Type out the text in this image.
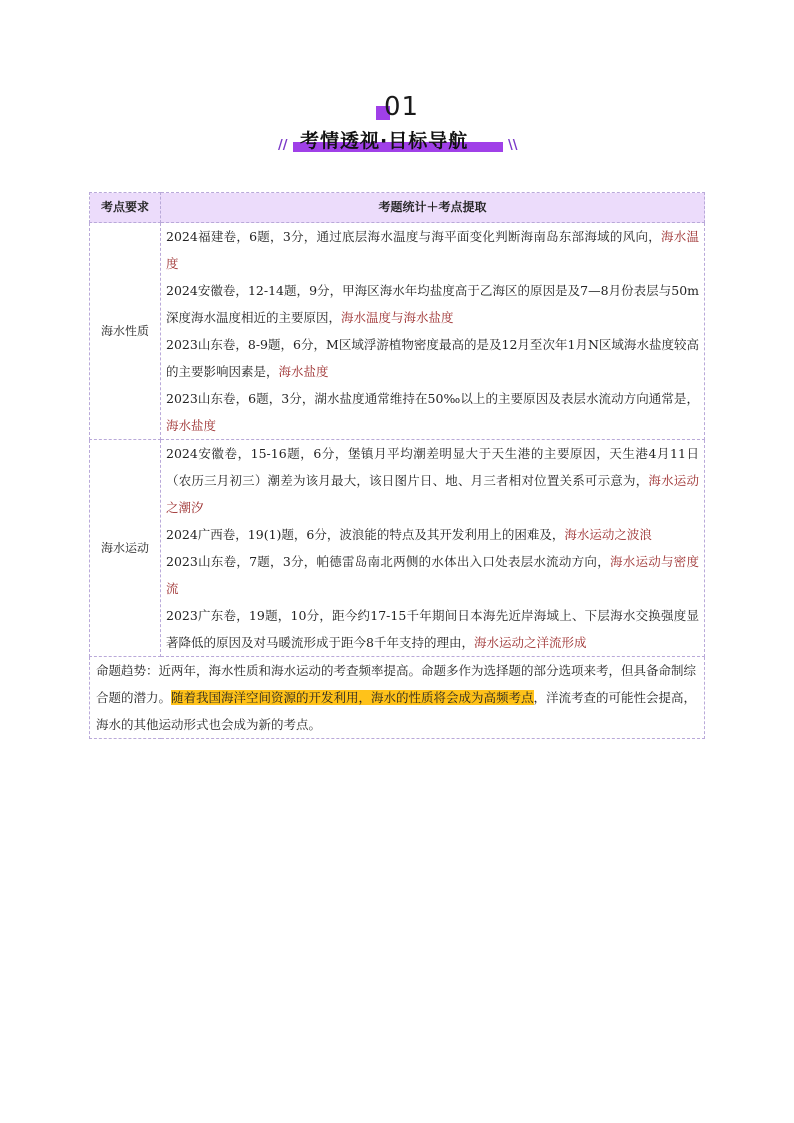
01
// 考情透视·目标导航	\\
考点要求	考题统计＋考点提取
海水性质	2024福建卷，6题，3分，通过底层海水温度与海平面变化判断海南岛东部海域的风向，海水温度
2024安徽卷，12-14题，9分，甲海区海水年均盐度高于乙海区的原因是及7—8月份表层与50m深度海水温度相近的主要原因，海水温度与海水盐度
2023山东卷，8-9题，6分，M区域浮游植物密度最高的是及12月至次年1月N区域海水盐度较高的主要影响因素是，海水盐度
2023山东卷，6题，3分，湖水盐度通常维持在50‰以上的主要原因及表层水流动方向通常是，海水盐度

海水运动	2024安徽卷，15-16题，6分，堡镇月平均潮差明显大于天生港的主要原因，天生港4月11日（农历三月初三）潮差为该月最大，该日图片日、地、月三者相对位置关系可示意为，海水运动之潮汐
2024广西卷，19(1)题，6分，波浪能的特点及其开发利用上的困难及，海水运动之波浪
2023山东卷，7题，3分，帕德雷岛南北两侧的水体出入口处表层水流动方向，海水运动与密度流
2023广东卷，19题，10分，距今约17-15千年期间日本海先近岸海域上、下层海水交换强度显著降低的原因及对马暖流形成于距今8千年支持的理由，海水运动之洋流形成

命题趋势：近两年，海水性质和海水运动的考查频率提高。命题多作为选择题的部分选项来考，但具备命制综合题的潜力。随着我国海洋空间资源的开发利用，海水的性质将会成为高频考点，洋流考查的可能性会提高，海水的其他运动形式也会成为新的考点。	
